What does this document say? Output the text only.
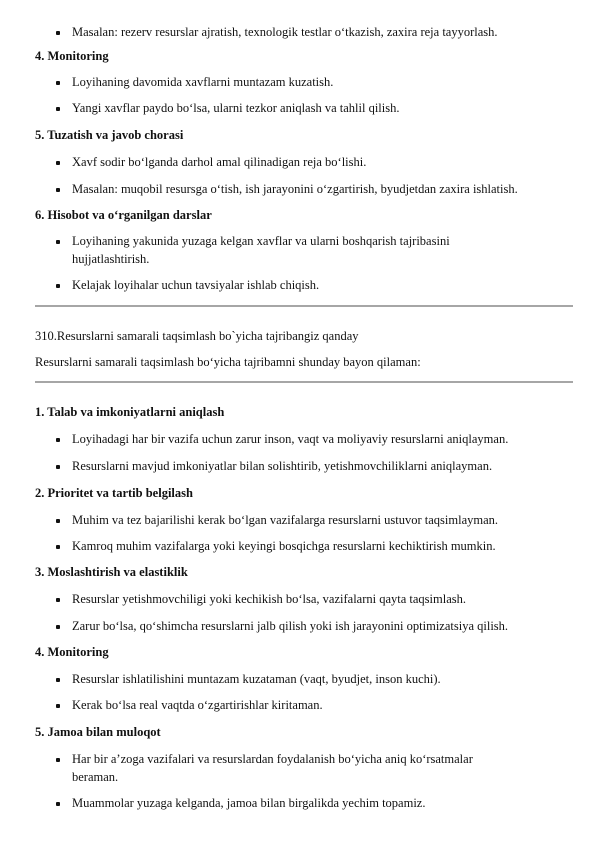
Masalan: rezerv resurslar ajratish, texnologik testlar o‘tkazish, zaxira reja tayyorlash.
4. Monitoring
Loyihaning davomida xavflarni muntazam kuzatish.
Yangi xavflar paydo bo‘lsa, ularni tezkor aniqlash va tahlil qilish.
5. Tuzatish va javob chorasi
Xavf sodir bo‘lganda darhol amal qilinadigan reja bo‘lishi.
Masalan: muqobil resursga o‘tish, ish jarayonini o‘zgartirish, byudjetdan zaxira ishlatish.
6. Hisobot va o‘rganilgan darslar
Loyihaning yakunida yuzaga kelgan xavflar va ularni boshqarish tajribasini
hujjatlashtirish.
Kelajak loyihalar uchun tavsiyalar ishlab chiqish.
310.Resurslarni samarali taqsimlash bo`yicha tajribangiz qanday
Resurslarni samarali taqsimlash bo‘yicha tajribamni shunday bayon qilaman:
1. Talab va imkoniyatlarni aniqlash
Loyihadagi har bir vazifa uchun zarur inson, vaqt va moliyaviy resurslarni aniqlayman.
Resurslarni mavjud imkoniyatlar bilan solishtirib, yetishmovchiliklarni aniqlayman.
2. Prioritet va tartib belgilash
Muhim va tez bajarilishi kerak bo‘lgan vazifalarga resurslarni ustuvor taqsimlayman.
Kamroq muhim vazifalarga yoki keyingi bosqichga resurslarni kechiktirish mumkin.
3. Moslashtirish va elastiklik
Resurslar yetishmovchiligi yoki kechikish bo‘lsa, vazifalarni qayta taqsimlash.
Zarur bo‘lsa, qo‘shimcha resurslarni jalb qilish yoki ish jarayonini optimizatsiya qilish.
4. Monitoring
Resurslar ishlatilishini muntazam kuzataman (vaqt, byudjet, inson kuchi).
Kerak bo‘lsa real vaqtda o‘zgartirishlar kiritaman.
5. Jamoa bilan muloqot
Har bir a’zoga vazifalari va resurslardan foydalanish bo‘yicha aniq ko‘rsatmalar
beraman.
Muammolar yuzaga kelganda, jamoa bilan birgalikda yechim topamiz.
